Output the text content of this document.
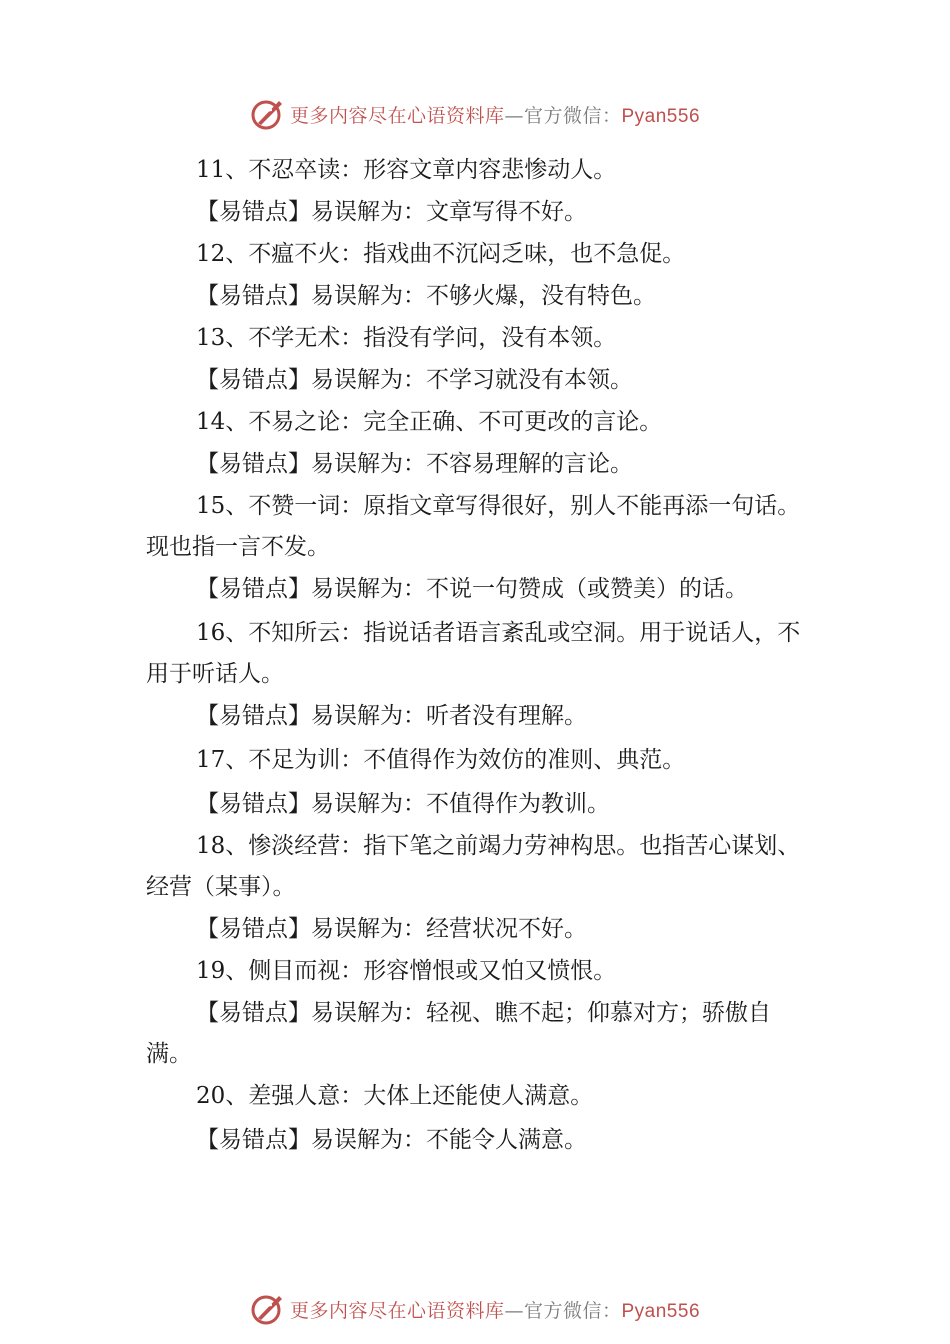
更多内容尽在心语资料库—官方微信：Pyan556

11、不忍卒读：形容文章内容悲惨动人。

【易错点】易误解为：文章写得不好。

12、不瘟不火：指戏曲不沉闷乏味，也不急促。

【易错点】易误解为：不够火爆，没有特色。

13、不学无术：指没有学问，没有本领。

【易错点】易误解为：不学习就没有本领。

14、不易之论：完全正确、不可更改的言论。

【易错点】易误解为：不容易理解的言论。

15、不赞一词：原指文章写得很好，别人不能再添一句话。现也指一言不发。

【易错点】易误解为：不说一句赞成（或赞美）的话。

16、不知所云：指说话者语言紊乱或空洞。用于说话人，不用于听话人。

【易错点】易误解为：听者没有理解。

17、不足为训：不值得作为效仿的准则、典范。

【易错点】易误解为：不值得作为教训。

18、惨淡经营：指下笔之前竭力劳神构思。也指苦心谋划、经营（某事）。

【易错点】易误解为：经营状况不好。

19、侧目而视：形容憎恨或又怕又愤恨。

【易错点】易误解为：轻视、瞧不起；仰慕对方；骄傲自满。

20、差强人意：大体上还能使人满意。

【易错点】易误解为：不能令人满意。

更多内容尽在心语资料库—官方微信：Pyan556
